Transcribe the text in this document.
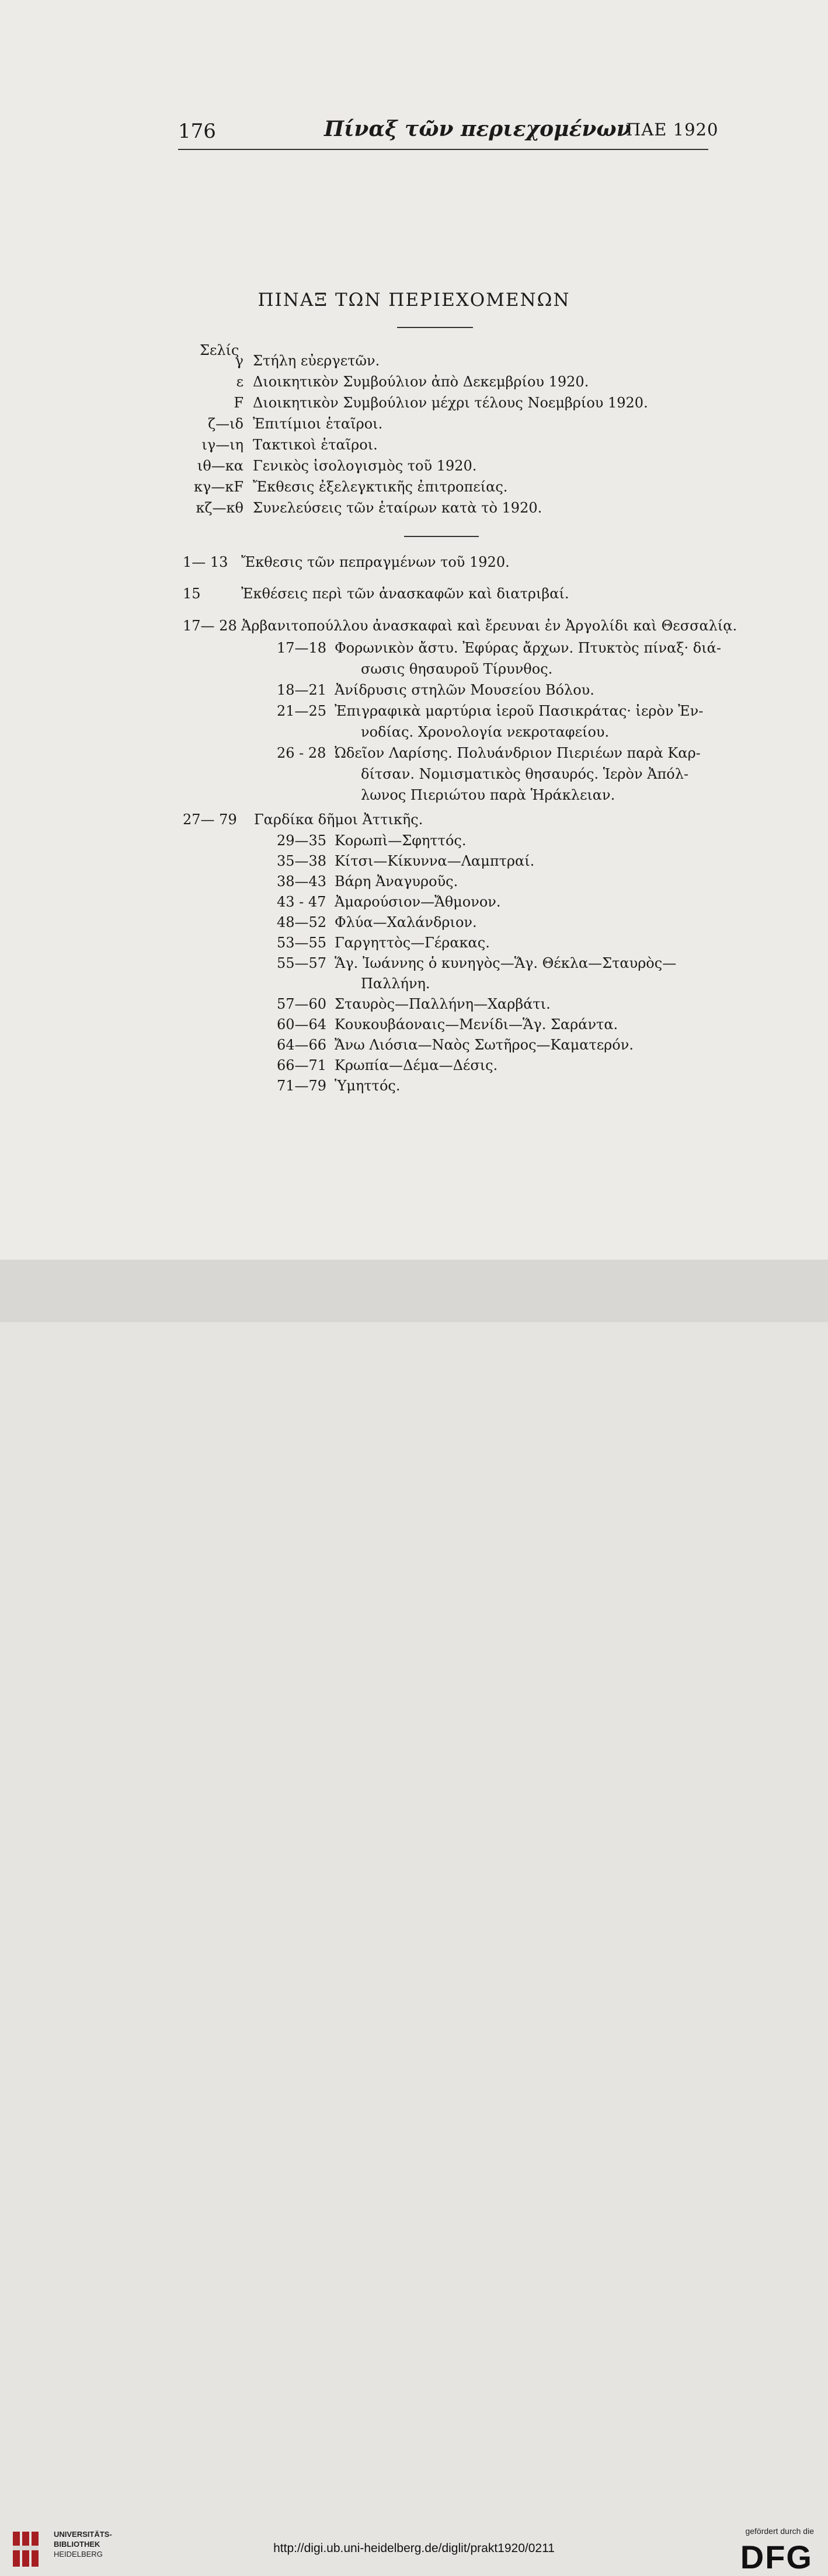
176	Πίναξ τῶν περιεχομένων
ΠΑΕ 1920
ΠΙΝΑΞ ΤΩΝ ΠΕΡΙΕΧΟΜΕΝΩΝ
Σελίς
γ Στήλη εὐεργετῶν.
ε Διοικητικὸν Συμβούλιον ἀπὸ Δεκεμβρίου 1920.
F Διοικητικὸν Συμβούλιον μέχρι τέλους Νοεμβρίου 1920.
ζ—ιδ Ἐπιτίμιοι ἑταῖροι.
ιγ—ιη Τακτικοὶ ἑταῖροι.
ιθ—κα Γενικὸς ἰσολογισμὸς τοῦ 1920.
κγ—κF Ἔκθεσις ἐξελεγκτικῆς ἐπιτροπείας.
κζ—κθ Συνελεύσεις τῶν ἑταίρων κατὰ τὸ 1920.
1— 13 Ἔκθεσις τῶν πεπραγμένων τοῦ 1920.
15	Ἐκθέσεις περὶ τῶν ἀνασκαφῶν καὶ διατριβαί.
17— 28 Ἀρβανιτοπούλλου ἀνασκαφαὶ καὶ ἔρευναι ἐν Ἀργολίδι καὶ Θεσσαλίᾳ.
17—18 Φορωνικὸν ἄστυ. Ἐφύρας ἄρχων. Πτυκτὸς πίναξ· διά-
σωσις θησαυροῦ Τίρυνθος.
18—21 Ἀνίδρυσις στηλῶν Μουσείου Βόλου.
21—25 Ἐπιγραφικὰ μαρτύρια ἱεροῦ Πασικράτας· ἱερὸν Ἐν-
νοδίας. Χρονολογία νεκροταφείου.
26 - 28 Ὠδεῖον Λαρίσης. Πολυάνδριον Πιεριέων παρὰ Καρ-
δίτσαν. Νομισματικὸς θησαυρός. Ἱερὸν Ἀπόλ-
λωνος Πιεριώτου παρὰ Ἡράκλειαν.
27— 79 Γαρδίκα δῆμοι Ἀττικῆς.
29—35 Κορωπὶ—Σφηττός.
35—38 Κίτσι—Κίκυννα—Λαμπτραί.
38—43 Βάρη Ἀναγυροῦς.
43 - 47 Ἀμαρούσιον—Ἄθμονον.
48—52 Φλύα—Χαλάνδριον.
53—55 Γαργηττὸς—Γέρακας.
55—57 Ἅγ. Ἰωάννης ὁ κυνηγὸς—Ἅγ. Θέκλα—Σταυρὸς—
Παλλήνη.
57—60 Σταυρὸς—Παλλήνη—Χαρβάτι.
60—64 Κουκουβάοναις—Μενίδι—Ἅγ. Σαράντα.
64—66 Ἄνω Λιόσια—Ναὸς Σωτῆρος—Καματερόν.
66—71 Κρωπία—Δέμα—Δέσις.
71—79 Ὑμηττός.
UNIVERSITÄTS-
BIBLIOTHEK
HEIDELBERG	http://digi.ub.uni-heidelberg.de/diglit/prakt1920/0211
gefördert durch die
DFG
